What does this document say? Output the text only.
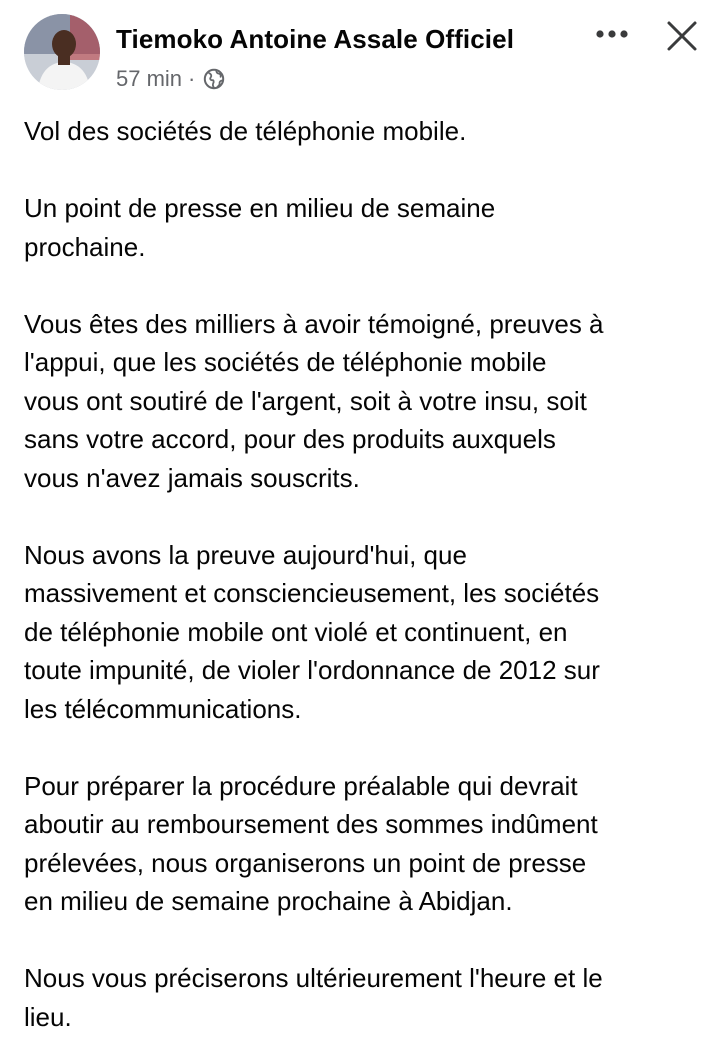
Tiemoko Antoine Assale Officiel
57 min ·

Vol des sociétés de téléphonie mobile.

Un point de presse en milieu de semaine
prochaine.

Vous êtes des milliers à avoir témoigné, preuves à
l'appui, que les sociétés de téléphonie mobile
vous ont soutiré de l'argent, soit à votre insu, soit
sans votre accord, pour des produits auxquels
vous n'avez jamais souscrits.

Nous avons la preuve aujourd'hui, que
massivement et consciencieusement, les sociétés
de téléphonie mobile ont violé et continuent, en
toute impunité, de violer l'ordonnance de 2012 sur
les télécommunications.

Pour préparer la procédure préalable qui devrait
aboutir au remboursement des sommes indûment
prélevées, nous organiserons un point de presse
en milieu de semaine prochaine à Abidjan.

Nous vous préciserons ultérieurement l'heure et le
lieu.
